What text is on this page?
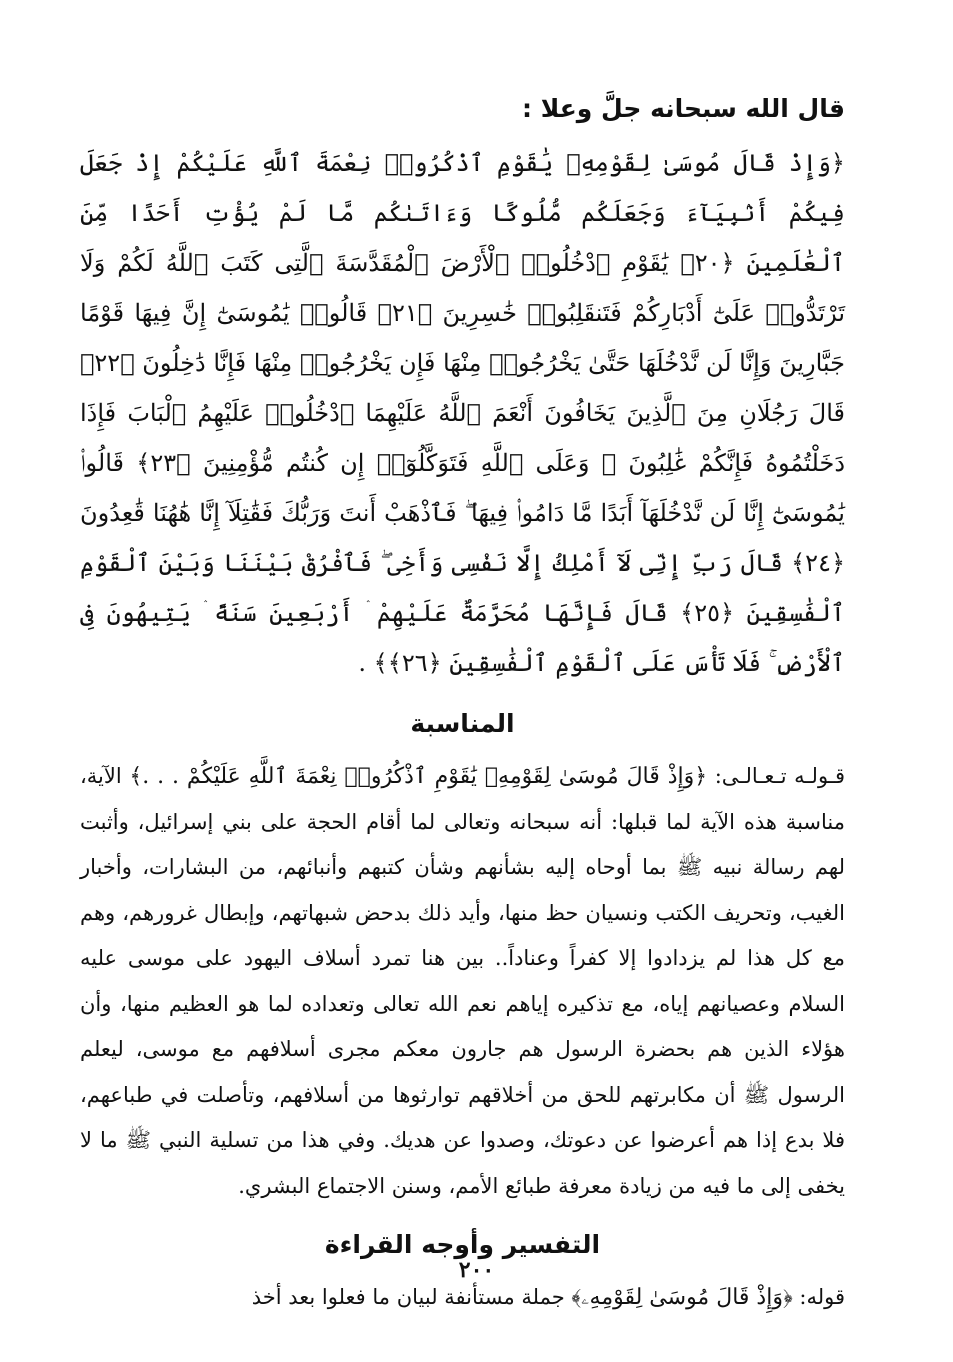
قال الله سبحانه جلَّ وعلا :

﴿وَإِذْ قَالَ مُوسَىٰ لِقَوْمِهِۦ يَٰقَوْمِ ٱذْكُرُوا۟ نِعْمَةَ ٱللَّهِ عَلَيْكُمْ إِذْ جَعَلَ فِيكُمْ أَنۢبِيَآءَ وَجَعَلَكُم مُّلُوكًا وَءَاتَىٰكُم مَّا لَمْ يُؤْتِ أَحَدًا مِّنَ ٱلْعَٰلَمِينَ ﴿٢٠﴾ يَٰقَوْمِ ٱدْخُلُوا۟ ٱلْأَرْضَ ٱلْمُقَدَّسَةَ ٱلَّتِى كَتَبَ ٱللَّهُ لَكُمْ وَلَا تَرْتَدُّوا۟ عَلَىٰٓ أَدْبَارِكُمْ فَتَنقَلِبُوا۟ خَٰسِرِينَ ﴿٢١﴾ قَالُوا۟ يَٰمُوسَىٰٓ إِنَّ فِيهَا قَوْمًا جَبَّارِينَ وَإِنَّا لَن نَّدْخُلَهَا حَتَّىٰ يَخْرُجُوا۟ مِنْهَا فَإِن يَخْرُجُوا۟ مِنْهَا فَإِنَّا دَٰخِلُونَ ﴿٢٢﴾ قَالَ رَجُلَانِ مِنَ ٱلَّذِينَ يَخَافُونَ أَنْعَمَ ٱللَّهُ عَلَيْهِمَا ٱدْخُلُوا۟ عَلَيْهِمُ ٱلْبَابَ فَإِذَا دَخَلْتُمُوهُ فَإِنَّكُمْ غَٰلِبُونَ ۚ وَعَلَى ٱللَّهِ فَتَوَكَّلُوٓا۟ إِن كُنتُم مُّؤْمِنِينَ ﴿٢٣﴾ قَالُوا۟ يَٰمُوسَىٰٓ إِنَّا لَن نَّدْخُلَهَآ أَبَدًا مَّا دَامُوا۟ فِيهَا ۖ فَٱذْهَبْ أَنتَ وَرَبُّكَ فَقَٰتِلَآ إِنَّا هَٰهُنَا قَٰعِدُونَ ﴿٢٤﴾ قَالَ رَبِّ إِنِّى لَآ أَمْلِكُ إِلَّا نَفْسِى وَأَخِى ۖ فَٱفْرُقْ بَيْنَنَا وَبَيْنَ ٱلْقَوْمِ ٱلْفَٰسِقِينَ ﴿٢٥﴾ قَالَ فَإِنَّهَا مُحَرَّمَةٌ عَلَيْهِمْ ۛ أَرْبَعِينَ سَنَةً ۛ يَتِيهُونَ فِى ٱلْأَرْضِ ۚ فَلَا تَأْسَ عَلَى ٱلْقَوْمِ ٱلْفَٰسِقِينَ ﴿٢٦﴾﴾ .

المناسبة

قـولـه تـعـالـى: ﴿وَإِذْ قَالَ مُوسَىٰ لِقَوْمِهِۦ يَٰقَوْمِ ٱذْكُرُوا۟ نِعْمَةَ ٱللَّهِ عَلَيْكُمْ . . .﴾ الآية، مناسبة هذه الآية لما قبلها: أنه سبحانه وتعالى لما أقام الحجة على بني إسرائيل، وأثبت لهم رسالة نبيه ﷺ بما أوحاه إليه بشأنهم وشأن كتبهم وأنبائهم، من البشارات، وأخبار الغيب، وتحريف الكتب ونسيان حظ منها، وأيد ذلك بدحض شبهاتهم، وإبطال غرورهم، وهم مع كل هذا لم يزدادوا إلا كفراً وعناداً.. بين هنا تمرد أسلاف اليهود على موسى عليه السلام وعصيانهم إياه، مع تذكيره إياهم نعم الله تعالى وتعداده لما هو العظيم منها، وأن هؤلاء الذين هم بحضرة الرسول هم جارون معكم مجرى أسلافهم مع موسى، ليعلم الرسول ﷺ أن مكابرتهم للحق من أخلاقهم توارثوها من أسلافهم، وتأصلت في طباعهم، فلا بدع إذا هم أعرضوا عن دعوتك، وصدوا عن هديك. وفي هذا من تسلية النبي ﷺ ما لا يخفى إلى ما فيه من زيادة معرفة طبائع الأمم، وسنن الاجتماع البشري.

التفسير وأوجه القراءة

قوله: ﴿وَإِذْ قَالَ مُوسَىٰ لِقَوْمِهِۦ﴾ جملة مستأنفة لبيان ما فعلوا بعد أخذ

٢٠٠
